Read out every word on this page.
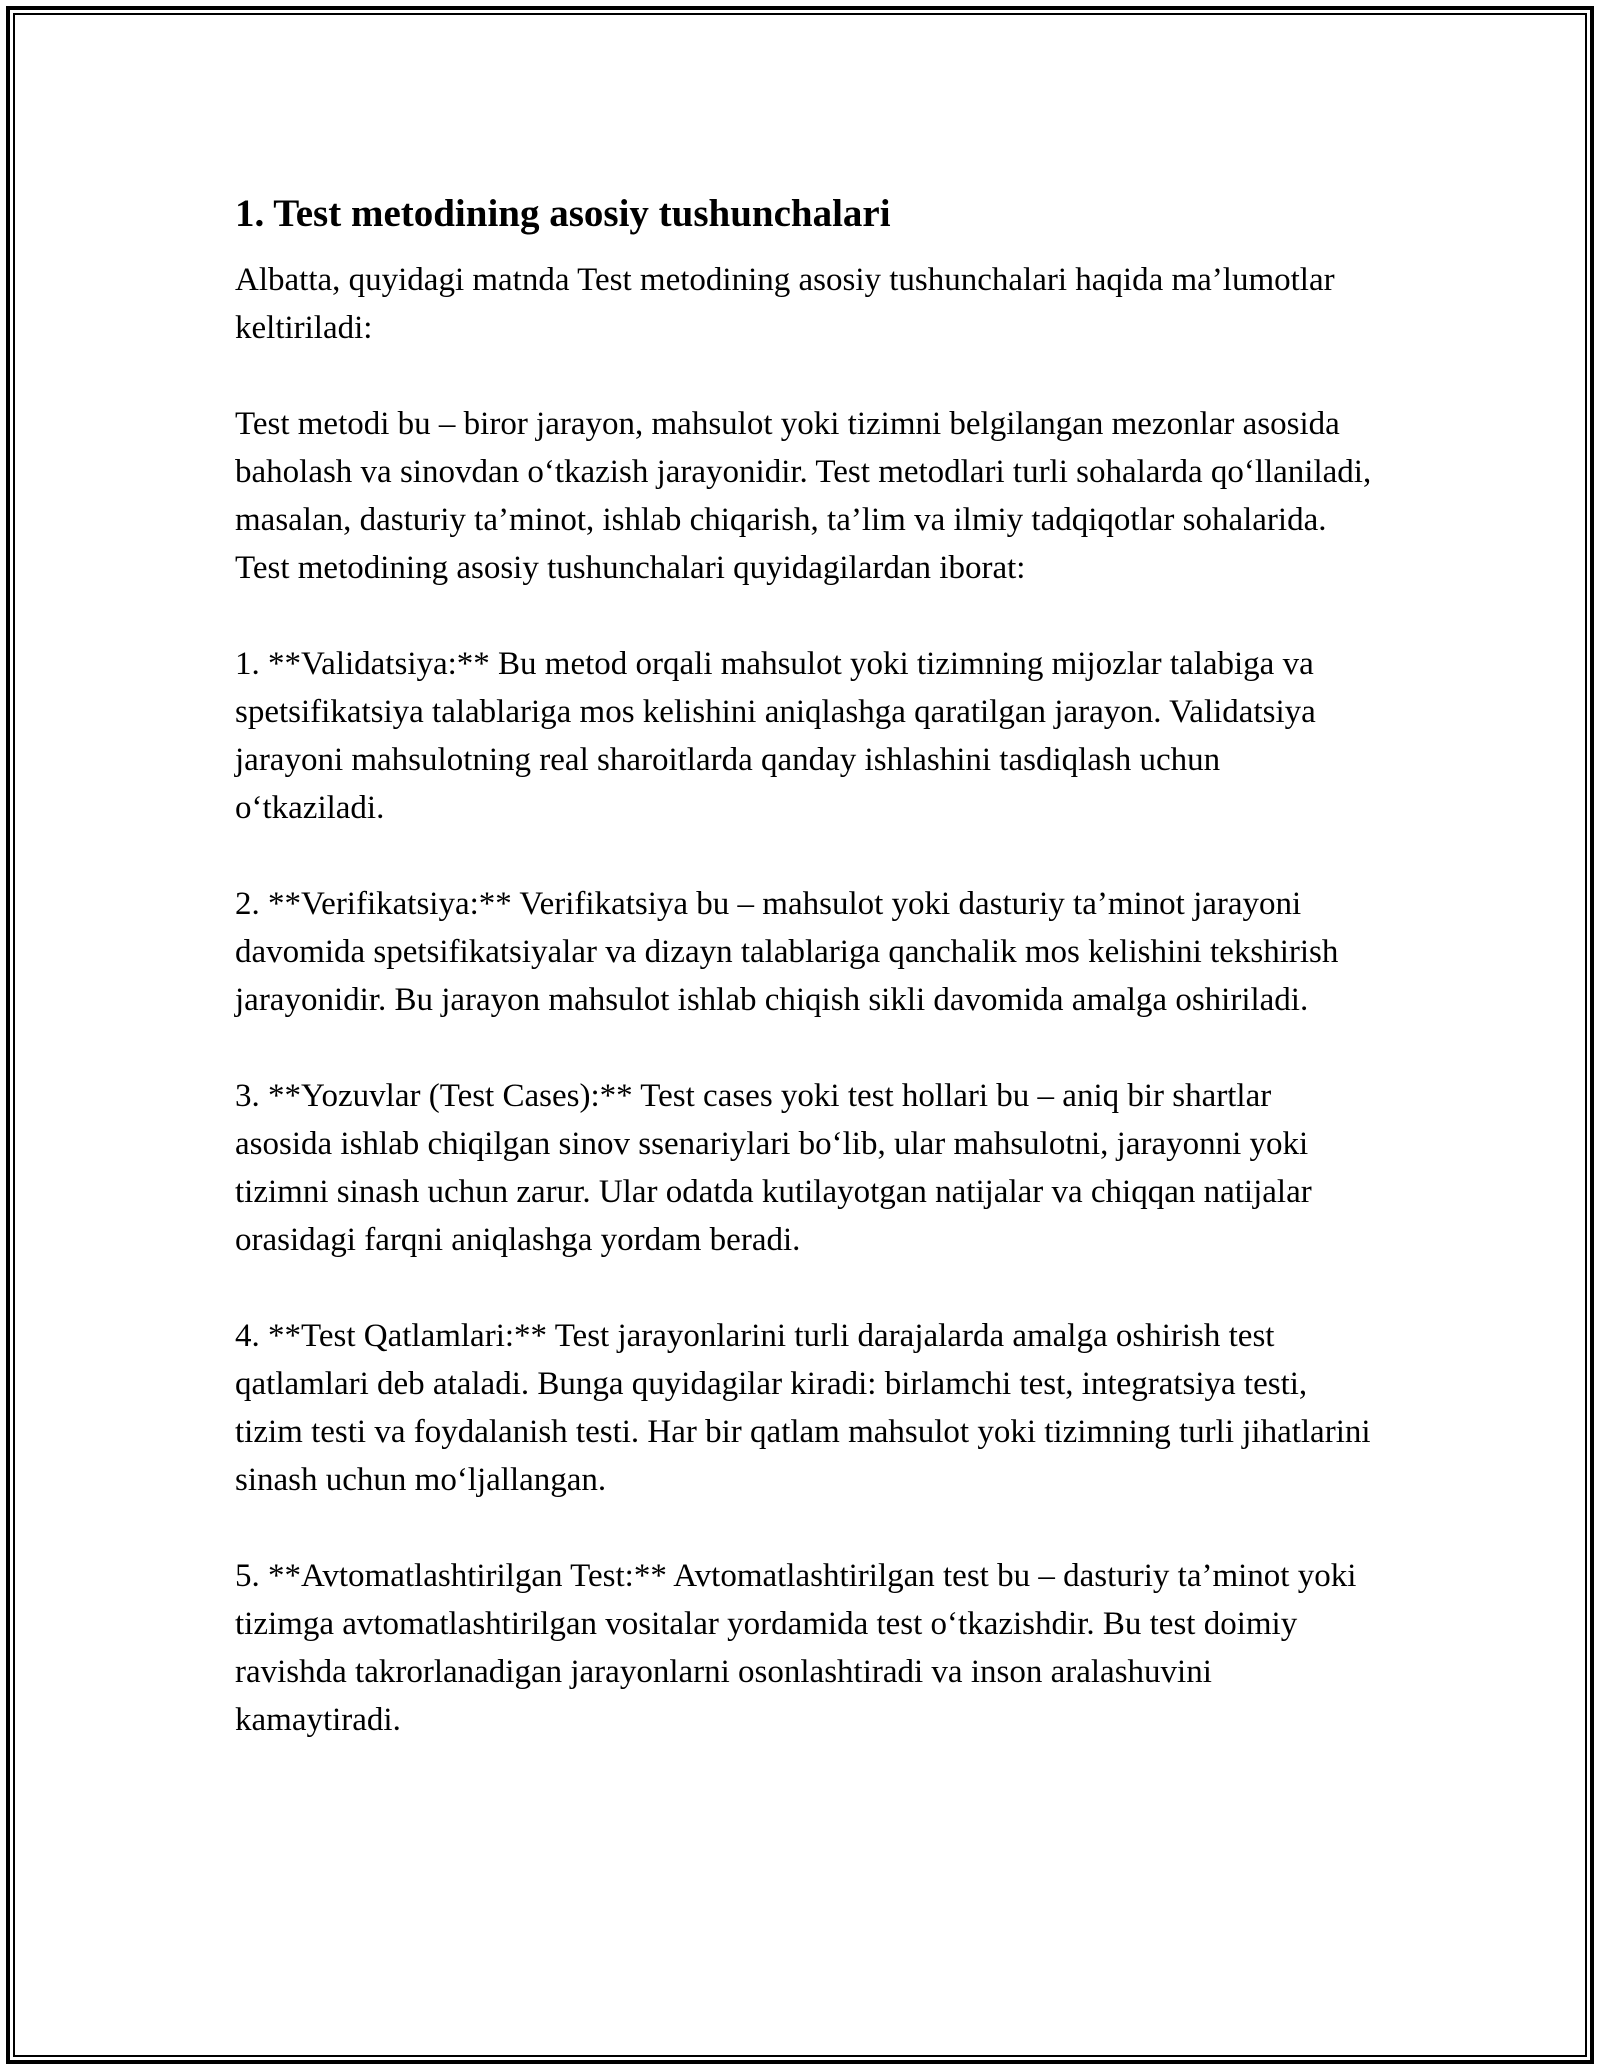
1. Test metodining asosiy tushunchalari

Albatta, quyidagi matnda Test metodining asosiy tushunchalari haqida ma’lumotlar keltiriladi:

Test metodi bu – biror jarayon, mahsulot yoki tizimni belgilangan mezonlar asosida baholash va sinovdan o‘tkazish jarayonidir. Test metodlari turli sohalarda qo‘llaniladi, masalan, dasturiy ta’minot, ishlab chiqarish, ta’lim va ilmiy tadqiqotlar sohalarida. Test metodining asosiy tushunchalari quyidagilardan iborat:

1. **Validatsiya:** Bu metod orqali mahsulot yoki tizimning mijozlar talabiga va spetsifikatsiya talablariga mos kelishini aniqlashga qaratilgan jarayon. Validatsiya jarayoni mahsulotning real sharoitlarda qanday ishlashini tasdiqlash uchun o‘tkaziladi.

2. **Verifikatsiya:** Verifikatsiya bu – mahsulot yoki dasturiy ta’minot jarayoni davomida spetsifikatsiyalar va dizayn talablariga qanchalik mos kelishini tekshirish jarayonidir. Bu jarayon mahsulot ishlab chiqish sikli davomida amalga oshiriladi.

3. **Yozuvlar (Test Cases):** Test cases yoki test hollari bu – aniq bir shartlar asosida ishlab chiqilgan sinov ssenariylari bo‘lib, ular mahsulotni, jarayonni yoki tizimni sinash uchun zarur. Ular odatda kutilayotgan natijalar va chiqqan natijalar orasidagi farqni aniqlashga yordam beradi.

4. **Test Qatlamlari:** Test jarayonlarini turli darajalarda amalga oshirish test qatlamlari deb ataladi. Bunga quyidagilar kiradi: birlamchi test, integratsiya testi, tizim testi va foydalanish testi. Har bir qatlam mahsulot yoki tizimning turli jihatlarini sinash uchun mo‘ljallangan.

5. **Avtomatlashtirilgan Test:** Avtomatlashtirilgan test bu – dasturiy ta’minot yoki tizimga avtomatlashtirilgan vositalar yordamida test o‘tkazishdir. Bu test doimiy ravishda takrorlanadigan jarayonlarni osonlashtiradi va inson aralashuvini kamaytiradi.
